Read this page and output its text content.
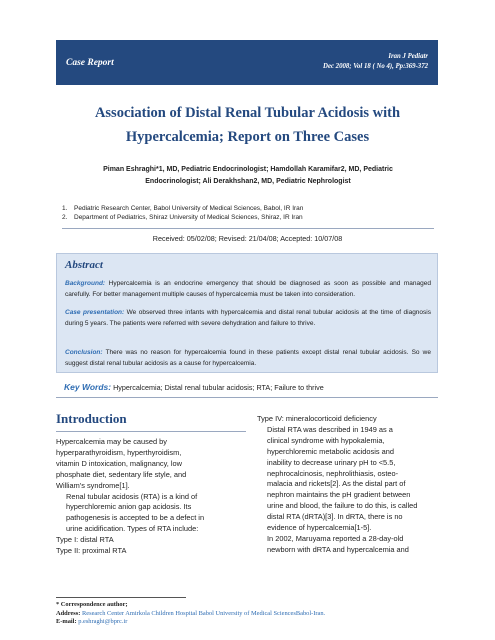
Case Report
Iran J Pediatr
Dec 2008; Vol 18 ( No 4), Pp:369-372
Association of Distal Renal Tubular Acidosis with
Hypercalcemia; Report on Three Cases
Piman Eshraghi*1, MD, Pediatric Endocrinologist; Hamdollah Karamifar2, MD, Pediatric
Endocrinologist; Ali Derakhshan2, MD, Pediatric Nephrologist
1. Pediatric Research Center, Babol University of Medical Sciences, Babol, IR Iran
2. Department of Pediatrics, Shiraz University of Medical Sciences, Shiraz, IR Iran
Received: 05/02/08; Revised: 21/04/08; Accepted: 10/07/08
Abstract
Background: Hypercalcemia is an endocrine emergency that should be diagnosed as soon as possible and managed carefully. For better management multiple causes of hypercalcemia must be taken into consideration.
Case presentation: We observed three infants with hypercalcemia and distal renal tubular acidosis at the time of diagnosis during 5 years. The patients were referred with severe dehydration and failure to thrive.
Conclusion: There was no reason for hypercalcemia found in these patients except distal renal tubular acidosis. So we suggest distal renal tubular acidosis as a cause for hypercalcemia.
Key Words: Hypercalcemia; Distal renal tubular acidosis; RTA; Failure to thrive
Introduction
Hypercalcemia may be caused by
hyperparathyroidism, hyperthyroidism,
vitamin D intoxication, malignancy, low
phosphate diet, sedentary life style, and
William's syndrome[1].
Renal tubular acidosis (RTA) is a kind of
hyperchloremic anion gap acidosis. Its
pathogenesis is accepted to be a defect in
urine acidification. Types of RTA include:
Type I: distal RTA
Type II: proximal RTA
Type IV: mineralocorticoid deficiency
Distal RTA was described in 1949 as a
clinical syndrome with hypokalemia,
hyperchloremic metabolic acidosis and
inability to decrease urinary pH to <5.5,
nephrocalcinosis, nephrolithiasis, osteo-
malacia and rickets[2]. As the distal part of
nephron maintains the pH gradient between
urine and blood, the failure to do this, is called
distal RTA (dRTA)[3]. In dRTA, there is no
evidence of hypercalcemia[1-5].
In 2002, Maruyama reported a 28-day-old
newborn with dRTA and hypercalcemia and
* Correspondence author;
Address: Research Center Amirkola Children Hospital Babol University of Medical SciencesBabol-Iran.
E-mail: p.eshraghi@bprc.ir
